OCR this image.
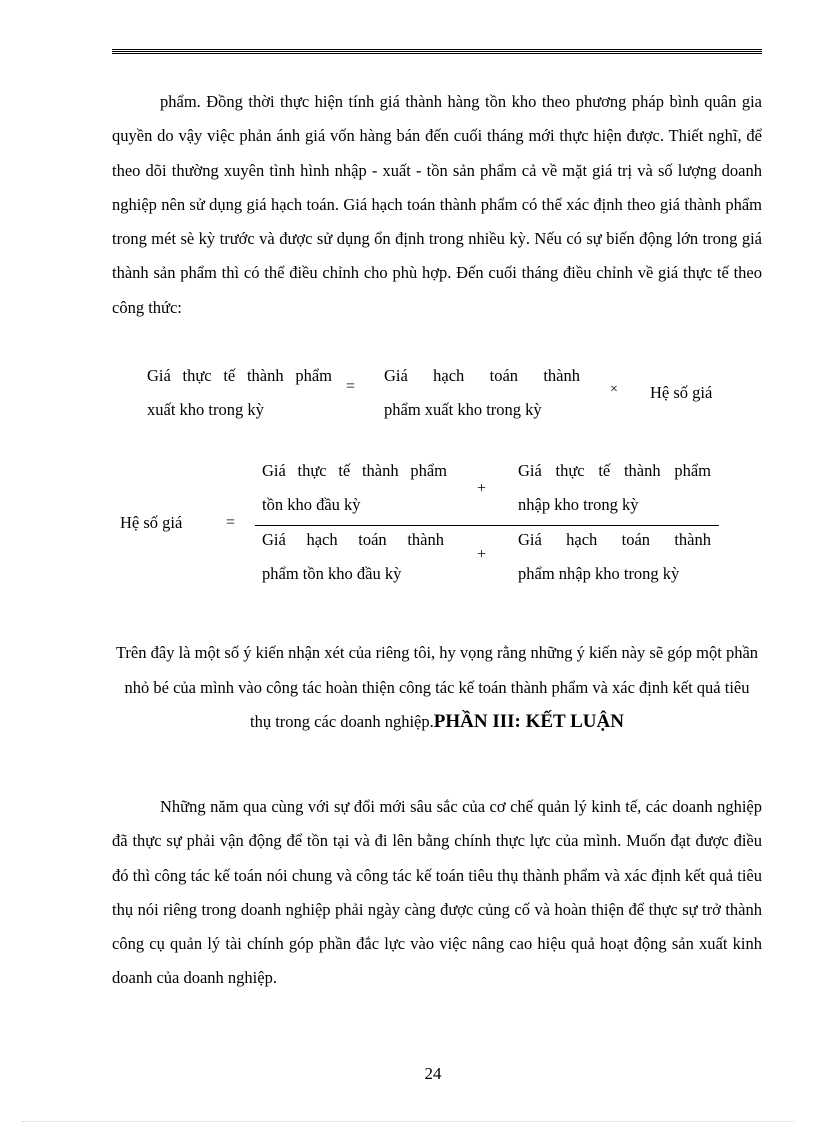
phẩm. Đồng thời thực hiện tính giá thành hàng tồn kho theo phương pháp bình quân gia quyền do vậy việc phản ánh giá vốn hàng bán đến cuối tháng mới thực hiện được. Thiết nghĩ, để theo dõi thường xuyên tình hình nhập - xuất - tồn sản phẩm cả về mặt giá trị và số lượng doanh nghiệp nên sử dụng giá hạch toán. Giá hạch toán thành phẩm có thể xác định theo giá thành phẩm trong mét sè kỳ trước và được sử dụng ổn định trong nhiều kỳ. Nếu có sự biến động lớn trong giá thành sản phẩm thì có thể điều chỉnh cho phù hợp. Đến cuối tháng điều chỉnh về giá thực tế theo công thức:

Giá thực tế thành phẩm
xuất kho trong kỳ
=
Giá hạch toán thành
phẩm xuất kho trong kỳ
× Hệ số giá
Hệ số giá	=
Giá thực tế thành phẩm
tồn kho đầu kỳ
+
Giá thực tế thành phẩm
nhập kho trong kỳ
Giá hạch toán thành
phẩm tồn kho đầu kỳ
+
Giá hạch toán thành
phẩm nhập kho trong kỳ

Trên đây là một số ý kiến nhận xét của riêng tôi, hy vọng rằng những ý kiến này sẽ góp một phần nhỏ bé của mình vào công tác hoàn thiện công tác kế toán thành phẩm và xác định kết quả tiêu thụ trong các doanh nghiệp.PHẦN III: KẾT LUẬN

Những năm qua cùng với sự đổi mới sâu sắc của cơ chế quản lý kinh tế, các doanh nghiệp đã thực sự phải vận động để tồn tại và đi lên bằng chính thực lực của mình. Muốn đạt được điều đó thì công tác kế toán nói chung và công tác kế toán tiêu thụ thành phẩm và xác định kết quả tiêu thụ nói riêng trong doanh nghiệp phải ngày càng được củng cố và hoàn thiện để thực sự trở thành công cụ quản lý tài chính góp phần đắc lực vào việc nâng cao hiệu quả hoạt động sản xuất kinh doanh của doanh nghiệp.

24
